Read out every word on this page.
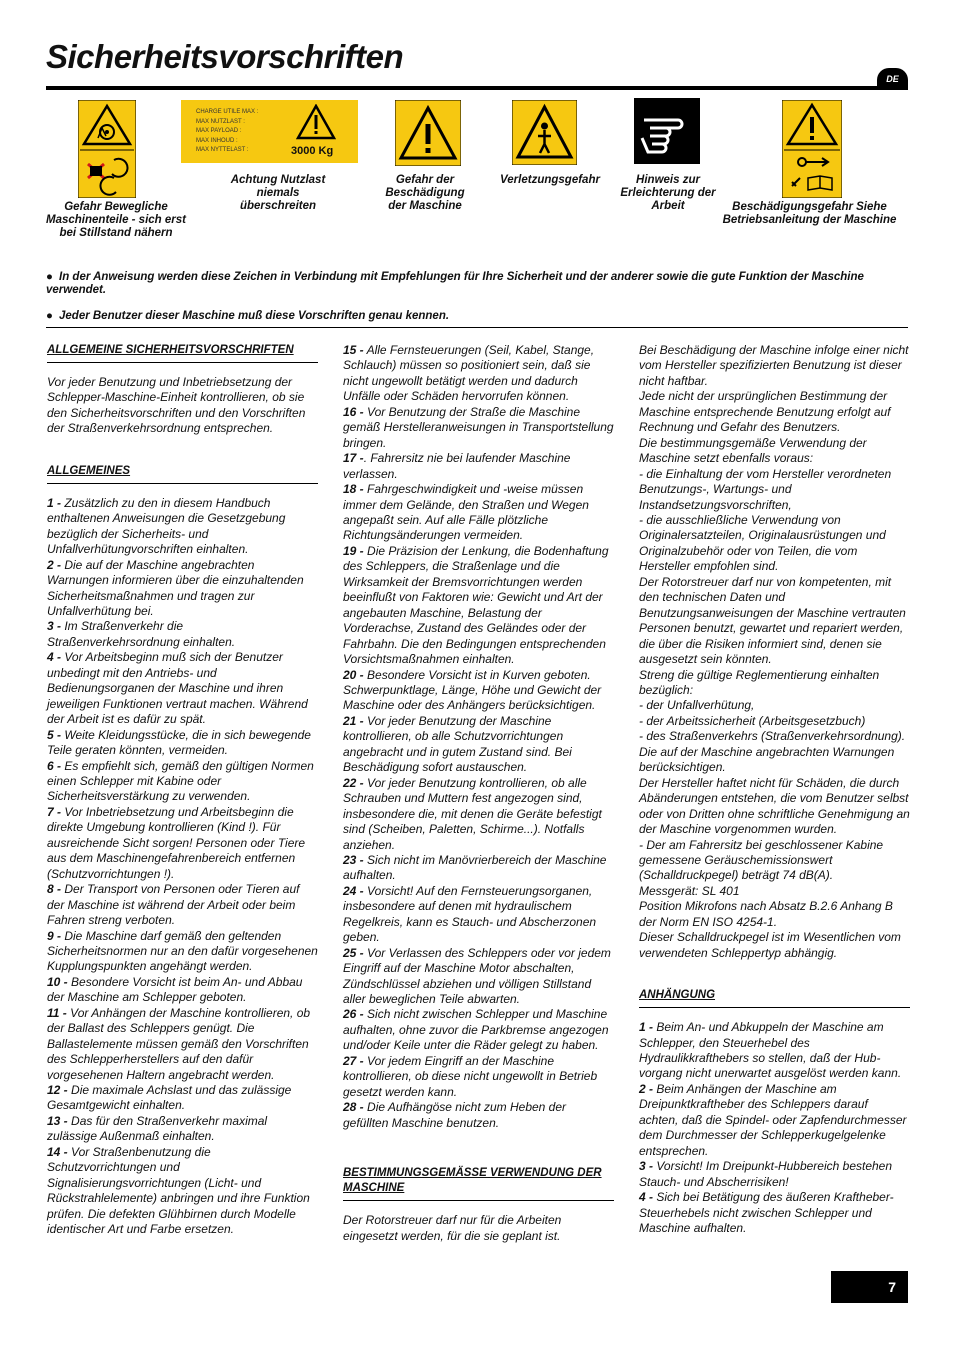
Sicherheitsvorschriften
DE
Gefahr Bewegliche Maschinenteile - sich erst bei Stillstand nähern
CHARGE UTILE MAX :
MAX NUTZLAST :
MAX PAYLOAD :
MAX INHOUD :
MAX NYTTELAST :	3000 Kg
Achtung Nutzlast niemals überschreiten
Gefahr der Beschädigung der Maschine
Verletzungsgefahr	Hinweis zur Erleichterung der Arbeit	Beschädigungsgefahr Siehe Betriebsanleitung der Maschine
● In der Anweisung werden diese Zeichen in Verbindung mit Empfehlungen für Ihre Sicherheit und der anderer sowie die gute Funktion der Maschine verwendet.
● Jeder Benutzer dieser Maschine muß diese Vorschriften genau kennen.
ALLGEMEINE SICHERHEITSVORSCHRIFTEN

Vor jeder Benutzung und Inbetriebsetzung der Schlepper-Maschine-Einheit kontrollieren, ob sie den Sicherheitsvorschriften und den Vorschriften der Straßenverkehrsordnung entsprechen.

ALLGEMEINES

1 - Zusätzlich zu den in diesem Handbuch enthaltenen Anweisungen die Gesetzgebung bezüglich der Sicherheits- und Unfallverhütungvorschriften einhalten.

2 - Die auf der Maschine angebrachten Warnungen informieren über die einzuhaltenden Sicherheitsmaßnahmen und tragen zur Unfallverhütung bei.

3 - Im Straßenverkehr die Straßenverkehrsordnung einhalten.

4 - Vor Arbeitsbeginn muß sich der Benutzer unbedingt mit den Antriebs- und Bedienungsorganen der Maschine und ihren jeweiligen Funktionen vertraut machen. Während der Arbeit ist es dafür zu spät.

5 - Weite Kleidungsstücke, die in sich bewegende Teile geraten könnten, vermeiden.

6 - Es empfiehlt sich, gemäß den gültigen Normen einen Schlepper mit Kabine oder Sicherheitsverstärkung zu verwenden.

7 - Vor Inbetriebsetzung und Arbeitsbeginn die direkte Umgebung kontrollieren (Kind !). Für ausreichende Sicht sorgen! Personen oder Tiere aus dem Maschinengefahrenbereich entfernen (Schutzvorrichtungen !).

8 - Der Transport von Personen oder Tieren auf der Maschine ist während der Arbeit oder beim Fahren streng verboten.

9 - Die Maschine darf gemäß den geltenden Sicherheitsnormen nur an den dafür vorgesehenen Kupplungspunkten angehängt werden.

10 - Besondere Vorsicht ist beim An- und Abbau der Maschine am Schlepper geboten.

11 - Vor Anhängen der Maschine kontrollieren, ob der Ballast des Schleppers genügt. Die Ballastelemente müssen gemäß den Vorschriften des Schlepperherstellers auf den dafür vorgesehenen Haltern angebracht werden.

12 - Die maximale Achslast und das zulässige Gesamtgewicht einhalten.

13 - Das für den Straßenverkehr maximal zulässige Außenmaß einhalten.

14 - Vor Straßenbenutzung die Schutzvorrichtungen und Signalisierungsvorrichtungen (Licht- und Rückstrahlelemente) anbringen und ihre Funktion prüfen. Die defekten Glühbirnen durch Modelle identischer Art und Farbe ersetzen.

15 - Alle Fernsteuerungen (Seil, Kabel, Stange, Schlauch) müssen so positioniert sein, daß sie nicht ungewollt betätigt werden und dadurch Unfälle oder Schäden hervorrufen können.

16 - Vor Benutzung der Straße die Maschine gemäß Herstelleranweisungen in Transportstellung bringen.

17 -. Fahrersitz nie bei laufender Maschine verlassen.

18 - Fahrgeschwindigkeit und -weise müssen immer dem Gelände, den Straßen und Wegen angepaßt sein. Auf alle Fälle plötzliche Richtungsänderungen vermeiden.

19 - Die Präzision der Lenkung, die Bodenhaftung des Schleppers, die Straßenlage und die Wirksamkeit der Bremsvorrichtungen werden beeinflußt von Faktoren wie: Gewicht und Art der angebauten Maschine, Belastung der Vorderachse, Zustand des Geländes oder der Fahrbahn. Die den Bedingungen entsprechenden Vorsichtsmaßnahmen einhalten.

20 - Besondere Vorsicht ist in Kurven geboten. Schwerpunktlage, Länge, Höhe und Gewicht der Maschine oder des Anhängers berücksichtigen.

21 - Vor jeder Benutzung der Maschine kontrollieren, ob alle Schutzvorrichtungen angebracht und in gutem Zustand sind. Bei Beschädigung sofort austauschen.

22 - Vor jeder Benutzung kontrollieren, ob alle Schrauben und Muttern fest angezogen sind, insbesondere die, mit denen die Geräte befestigt sind (Scheiben, Paletten, Schirme...). Notfalls anziehen.

23 - Sich nicht im Manövrierbereich der Maschine aufhalten.

24 - Vorsicht! Auf den Fernsteuerungsorganen, insbesondere auf denen mit hydraulischem Regelkreis, kann es Stauch- und Abscherzonen geben.

25 - Vor Verlassen des Schleppers oder vor jedem Eingriff auf der Maschine Motor abschalten, Zündschlüssel abziehen und völligen Stillstand aller beweglichen Teile abwarten.

26 - Sich nicht zwischen Schlepper und Maschine aufhalten, ohne zuvor die Parkbremse angezogen und/oder Keile unter die Räder gelegt zu haben.

27 - Vor jedem Eingriff an der Maschine kontrollieren, ob diese nicht ungewollt in Betrieb gesetzt werden kann.

28 - Die Aufhängöse nicht zum Heben der gefüllten Maschine benutzen.

BESTIMMUNGSGEMÄSSE VERWENDUNG DER MASCHINE

Der Rotorstreuer darf nur für die Arbeiten eingesetzt werden, für die sie geplant ist.

Bei Beschädigung der Maschine infolge einer nicht vom Hersteller spezifizierten Benutzung ist dieser nicht haftbar.

Jede nicht der ursprünglichen Bestimmung der Maschine entsprechende Benutzung erfolgt auf Rechnung und Gefahr des Benutzers.

Die bestimmungsgemäße Verwendung der Maschine setzt ebenfalls voraus:

- die Einhaltung der vom Hersteller verordneten Benutzungs-, Wartungs- und Instandsetzungsvorschriften,

- die ausschließliche Verwendung von Originalersatzteilen, Originalausrüstungen und Originalzubehör oder von Teilen, die vom Hersteller empfohlen sind.

Der Rotorstreuer darf nur von kompetenten, mit den technischen Daten und Benutzungsanweisungen der Maschine vertrauten Personen benutzt, gewartet und repariert werden, die über die Risiken informiert sind, denen sie ausgesetzt sein könnten.

Streng die gültige Reglementierung einhalten bezüglich:

- der Unfallverhütung,

- der Arbeitssicherheit (Arbeitsgesetzbuch)

- des Straßenverkehrs (Straßenverkehrsordnung).

Die auf der Maschine angebrachten Warnungen berücksichtigen.

Der Hersteller haftet nicht für Schäden, die durch Abänderungen entstehen, die vom Benutzer selbst oder von Dritten ohne schriftliche Genehmigung an der Maschine vorgenommen wurden.

- Der am Fahrersitz bei geschlossener Kabine gemessene Geräuschemissionswert (Schalldruckpegel) beträgt 74 dB(A).

Messgerät: SL 401

Position Mikrofons nach Absatz B.2.6 Anhang B der Norm EN ISO 4254-1.

Dieser Schalldruckpegel ist im Wesentlichen vom verwendeten Schleppertyp abhängig.

ANHÄNGUNG

1 - Beim An- und Abkuppeln der Maschine am Schlepper, den Steuerhebel des Hydraulikkrafthebers so stellen, daß der Hub-vorgang nicht unerwartet ausgelöst werden kann.

2 - Beim Anhängen der Maschine am Dreipunktkraftheber des Schleppers darauf achten, daß die Spindel- oder Zapfendurchmesser dem Durchmesser der Schlepperkugelgelenke entsprechen.

3 - Vorsicht! Im Dreipunkt-Hubbereich bestehen Stauch- und Abscherrisiken!

4 - Sich bei Betätigung des äußeren Kraftheber-Steuerhebels nicht zwischen Schlepper und Maschine aufhalten.

7
